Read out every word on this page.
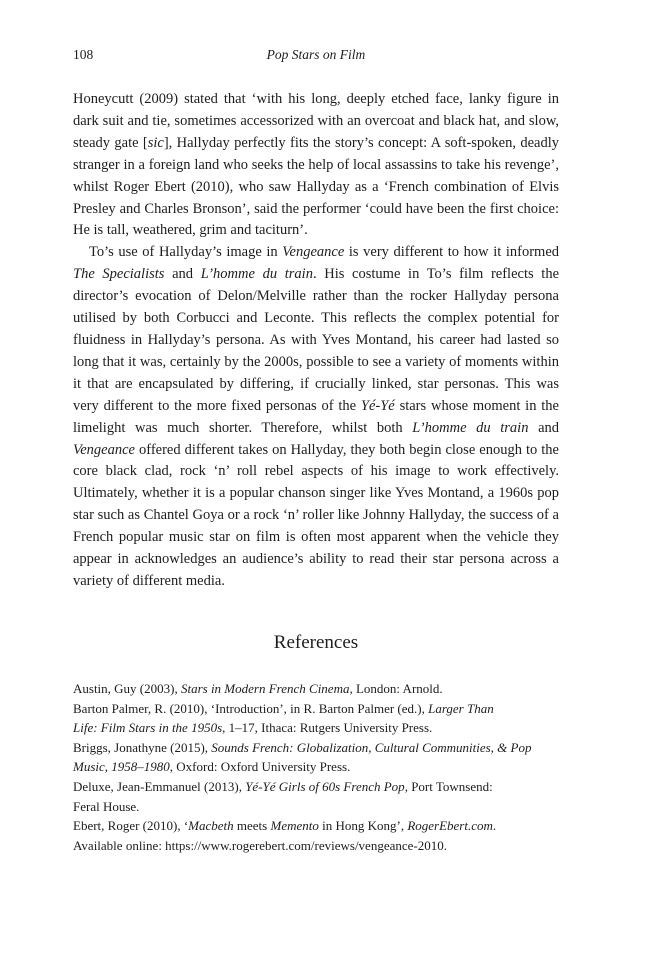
108	Pop Stars on Film

Honeycutt (2009) stated that ‘with his long, deeply etched face, lanky figure in dark suit and tie, sometimes accessorized with an overcoat and black hat, and slow, steady gate [sic], Hallyday perfectly fits the story’s concept: A soft-spoken, deadly stranger in a foreign land who seeks the help of local assassins to take his revenge’, whilst Roger Ebert (2010), who saw Hallyday as a ‘French combination of Elvis Presley and Charles Bronson’, said the performer ‘could have been the first choice: He is tall, weathered, grim and taciturn’.

To’s use of Hallyday’s image in Vengeance is very different to how it informed The Specialists and L’homme du train. His costume in To’s film reflects the director’s evocation of Delon/Melville rather than the rocker Hallyday persona utilised by both Corbucci and Leconte. This reflects the complex potential for fluidness in Hallyday’s persona. As with Yves Montand, his career had lasted so long that it was, certainly by the 2000s, possible to see a variety of moments within it that are encapsulated by differing, if crucially linked, star personas. This was very different to the more fixed personas of the Yé-Yé stars whose moment in the limelight was much shorter. Therefore, whilst both L’homme du train and Vengeance offered different takes on Hallyday, they both begin close enough to the core black clad, rock ‘n’ roll rebel aspects of his image to work effectively. Ultimately, whether it is a popular chanson singer like Yves Montand, a 1960s pop star such as Chantel Goya or a rock ‘n’ roller like Johnny Hallyday, the success of a French popular music star on film is often most apparent when the vehicle they appear in acknowledges an audience’s ability to read their star persona across a variety of different media.

References
Austin, Guy (2003), Stars in Modern French Cinema, London: Arnold.
Barton Palmer, R. (2010), ‘Introduction’, in R. Barton Palmer (ed.), Larger Than
Life: Film Stars in the 1950s, 1–17, Ithaca: Rutgers University Press.
Briggs, Jonathyne (2015), Sounds French: Globalization, Cultural Communities, & Pop
Music, 1958–1980, Oxford: Oxford University Press.
Deluxe, Jean-Emmanuel (2013), Yé-Yé Girls of 60s French Pop, Port Townsend:
Feral House.
Ebert, Roger (2010), ‘Macbeth meets Memento in Hong Kong’, RogerEbert.com.
Available online: https://www.rogerebert.com/reviews/vengeance-2010.
